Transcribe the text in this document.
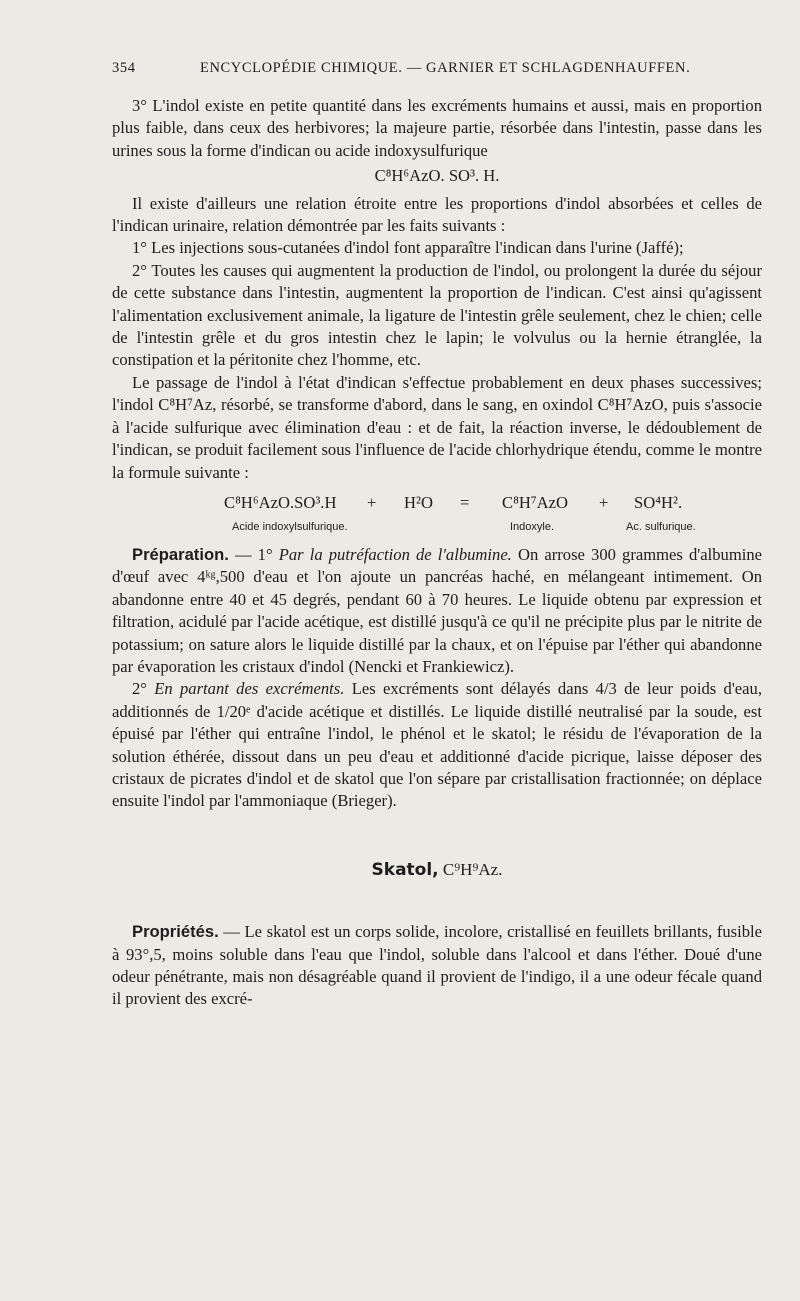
354	ENCYCLOPÉDIE CHIMIQUE. — GARNIER ET SCHLAGDENHAUFFEN.

3° L'indol existe en petite quantité dans les excréments humains et aussi, mais en proportion plus faible, dans ceux des herbivores; la majeure partie, résorbée dans l'intestin, passe dans les urines sous la forme d'indican ou acide indoxysulfurique

C⁸H⁶AzO. SO³. H.

Il existe d'ailleurs une relation étroite entre les proportions d'indol absorbées et celles de l'indican urinaire, relation démontrée par les faits suivants :

1° Les injections sous-cutanées d'indol font apparaître l'indican dans l'urine (Jaffé);

2° Toutes les causes qui augmentent la production de l'indol, ou prolongent la durée du séjour de cette substance dans l'intestin, augmentent la proportion de l'indican. C'est ainsi qu'agissent l'alimentation exclusivement animale, la ligature de l'intestin grêle seulement, chez le chien; celle de l'intestin grêle et du gros intestin chez le lapin; le volvulus ou la hernie étranglée, la constipation et la péritonite chez l'homme, etc.

Le passage de l'indol à l'état d'indican s'effectue probablement en deux phases successives; l'indol C⁸H⁷Az, résorbé, se transforme d'abord, dans le sang, en oxindol C⁸H⁷AzO, puis s'associe à l'acide sulfurique avec élimination d'eau : et de fait, la réaction inverse, le dédoublement de l'indican, se produit facilement sous l'influence de l'acide chlorhydrique étendu, comme le montre la formule suivante :

C⁸H⁶AzO.SO³.H + H²O = C⁸H⁷AzO + SO⁴H².
Acide indoxylsulfurique.	Indoxyle.	Ac. sulfurique.

Préparation. — 1° Par la putréfaction de l'albumine. On arrose 300 grammes d'albumine d'œuf avec 4ᵏᵍ,500 d'eau et l'on ajoute un pancréas haché, en mélangeant intimement. On abandonne entre 40 et 45 degrés, pendant 60 à 70 heures. Le liquide obtenu par expression et filtration, acidulé par l'acide acétique, est distillé jusqu'à ce qu'il ne précipite plus par le nitrite de potassium; on sature alors le liquide distillé par la chaux, et on l'épuise par l'éther qui abandonne par évaporation les cristaux d'indol (Nencki et Frankiewicz).

2° En partant des excréments. Les excréments sont délayés dans 4/3 de leur poids d'eau, additionnés de 1/20ᵉ d'acide acétique et distillés. Le liquide distillé neutralisé par la soude, est épuisé par l'éther qui entraîne l'indol, le phénol et le skatol; le résidu de l'évaporation de la solution éthérée, dissout dans un peu d'eau et additionné d'acide picrique, laisse déposer des cristaux de picrates d'indol et de skatol que l'on sépare par cristallisation fractionnée; on déplace ensuite l'indol par l'ammoniaque (Brieger).

Skatol, C⁹H⁹Az.

Propriétés. — Le skatol est un corps solide, incolore, cristallisé en feuillets brillants, fusible à 93°,5, moins soluble dans l'eau que l'indol, soluble dans l'alcool et dans l'éther. Doué d'une odeur pénétrante, mais non désagréable quand il provient de l'indigo, il a une odeur fécale quand il provient des excré-
